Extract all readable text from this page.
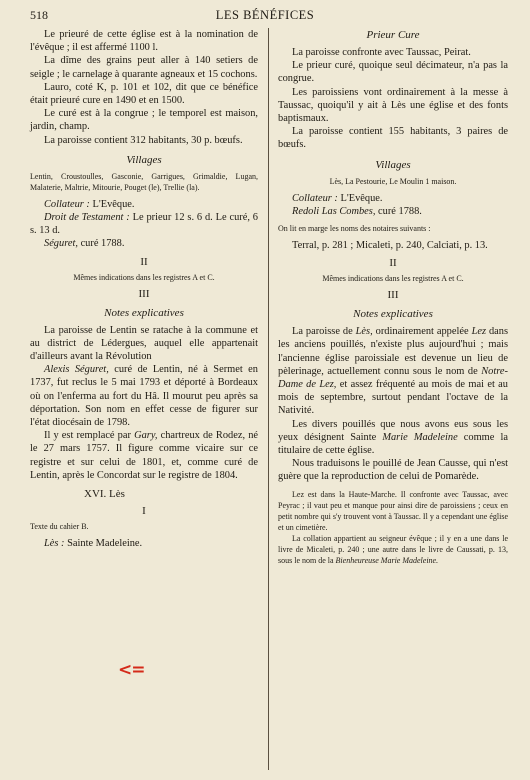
518	LES BÉNÉFICES

Le prieuré de cette église est à la nomination de l'évêque ; il est affermé 1100 l.

La dîme des grains peut aller à 140 setiers de seigle ; le carnelage à quarante agneaux et 15 cochons.

Lauro, coté K, p. 101 et 102, dit que ce bénéfice était prieuré cure en 1490 et en 1500.

Le curé est à la congrue ; le temporel est maison, jardin, champ.

La paroisse contient 312 habitants, 30 p. bœufs.

Villages

Lentin, Croustoulles, Gasconie, Garrigues, Grimaldie, Lugan, Malaterie, Maltrie, Mitourie, Pouget (le), Trellie (la).

Collateur : L'Evêque.

Droit de Testament : Le prieur 12 s. 6 d. Le curé, 6 s. 13 d.

Séguret, curé 1788.

II

Mêmes indications dans les registres A et C.

III
Notes explicatives

La paroisse de Lentin se ratache à la commune et au district de Lédergues, auquel elle appartenait d'ailleurs avant la Révolution

Alexis Séguret, curé de Lentin, né à Sermet en 1737, fut reclus le 5 mai 1793 et déporté à Bordeaux où on l'enferma au fort du Hâ. Il mourut peu après sa déportation. Son nom en effet cesse de figurer sur l'état diocésain de 1798.

Il y est remplacé par Gary, chartreux de Rodez, né le 27 mars 1757. Il figure comme vicaire sur ce registre et sur celui de 1801, et, comme curé de Lentin, après le Concordat sur le registre de 1804.

XVI. Lès
I

Texte du cahier B.

Lès : Sainte Madeleine.

Prieur Cure

La paroisse confronte avec Taussac, Peirat.

Le prieur curé, quoique seul décimateur, n'a pas la congrue.

Les paroissiens vont ordinairement à la messe à Taussac, quoiqu'il y ait à Lès une église et des fonts baptismaux.

La paroisse contient 155 habitants, 3 paires de bœufs.

Villages

Lès, La Pestourie, Le Moulin 1 maison.

Collateur : L'Evêque.

Redoli Las Combes, curé 1788.

On lit en marge les noms des notaires suivants :

Terral, p. 281 ; Micaleti, p. 240, Calciati, p. 13.

II

Mêmes indications dans les registres A et C.

III
Notes explicatives

La paroisse de Lès, ordinairement appelée Lez dans les anciens pouillés, n'existe plus aujourd'hui ; mais l'ancienne église paroissiale est devenue un lieu de pèlerinage, actuellement connu sous le nom de Notre-Dame de Lez, et assez fréquenté au mois de mai et au mois de septembre, surtout pendant l'octave de la Nativité.

Les divers pouillés que nous avons eus sous les yeux désignent Sainte Marie Madeleine comme la titulaire de cette église.

Nous traduisons le pouillé de Jean Causse, qui n'est guère que la reproduction de celui de Pomarède.

Lez est dans la Haute-Marche. Il confronte avec Taussac, avec Peyrac ; il vaut peu et manque pour ainsi dire de paroissiens ; ceux en petit nombre qui s'y trouvent vont à Taussac. Il y a cependant une église et un cimetière.

La collation appartient au seigneur évêque ; il y en a une dans le livre de Micaleti, p. 240 ; une autre dans le livre de Caussati, p. 13, sous le nom de la Bienheureuse Marie Madeleine.

<=
